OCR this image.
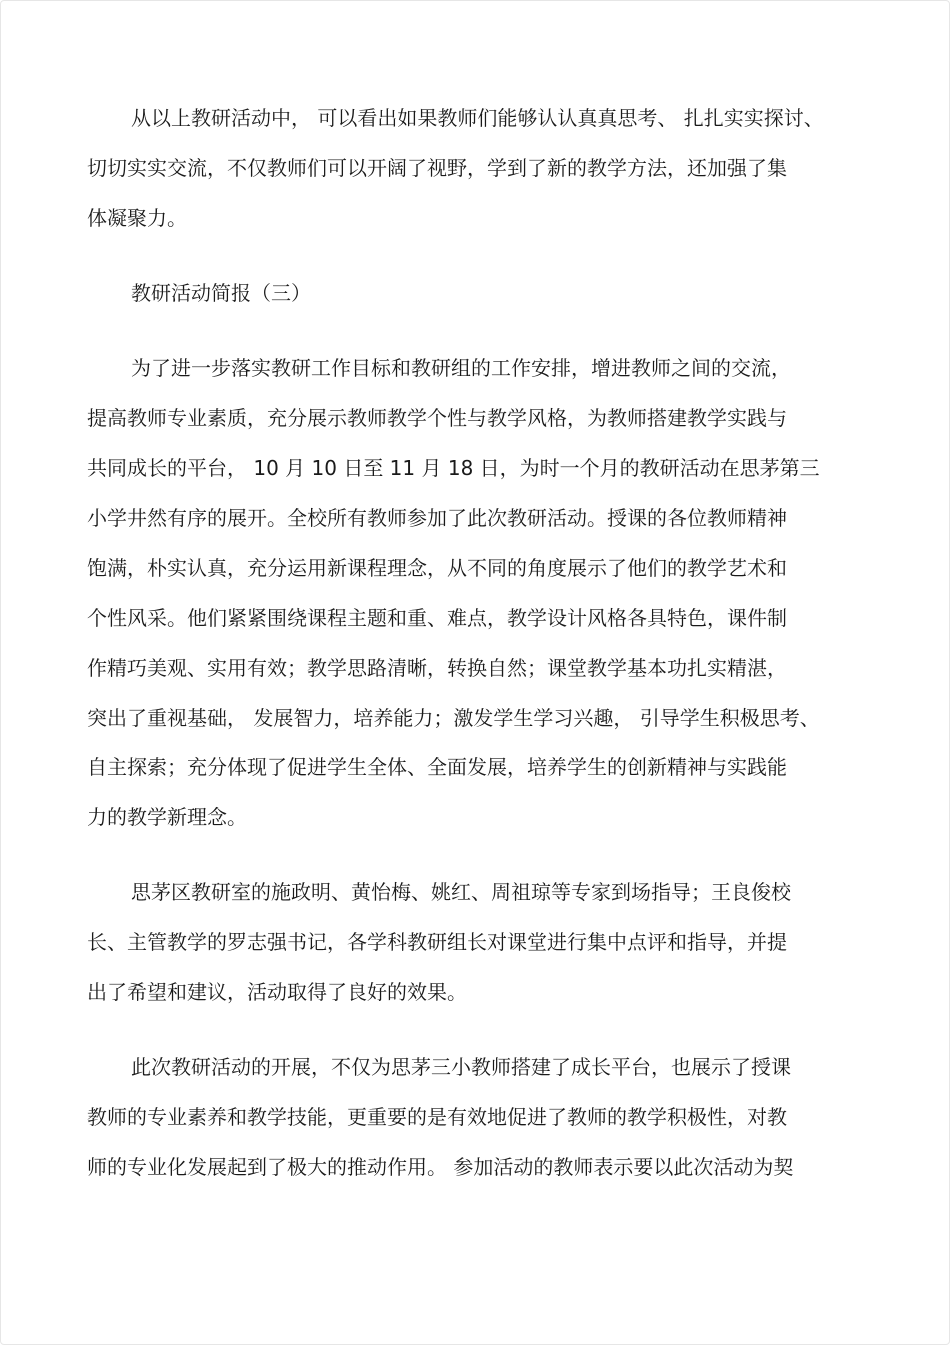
从以上教研活动中， 可以看出如果教师们能够认认真真思考、 扎扎实实探讨、
切切实实交流，不仅教师们可以开阔了视野，学到了新的教学方法，还加强了集
体凝聚力。
教研活动简报（三）
为了进一步落实教研工作目标和教研组的工作安排，增进教师之间的交流，
提高教师专业素质，充分展示教师教学个性与教学风格，为教师搭建教学实践与
共同成长的平台， 10 月 10 日至 11 月 18 日，为时一个月的教研活动在思茅第三
小学井然有序的展开。全校所有教师参加了此次教研活动。授课的各位教师精神
饱满，朴实认真，充分运用新课程理念，从不同的角度展示了他们的教学艺术和
个性风采。他们紧紧围绕课程主题和重、难点，教学设计风格各具特色，课件制
作精巧美观、实用有效；教学思路清晰，转换自然；课堂教学基本功扎实精湛，
突出了重视基础， 发展智力，培养能力；激发学生学习兴趣， 引导学生积极思考、
自主探索；充分体现了促进学生全体、全面发展，培养学生的创新精神与实践能
力的教学新理念。
思茅区教研室的施政明、黄怡梅、姚红、周祖琼等专家到场指导；王良俊校
长、主管教学的罗志强书记，各学科教研组长对课堂进行集中点评和指导，并提
出了希望和建议，活动取得了良好的效果。
此次教研活动的开展，不仅为思茅三小教师搭建了成长平台，也展示了授课
教师的专业素养和教学技能，更重要的是有效地促进了教师的教学积极性，对教
师的专业化发展起到了极大的推动作用。 参加活动的教师表示要以此次活动为契
